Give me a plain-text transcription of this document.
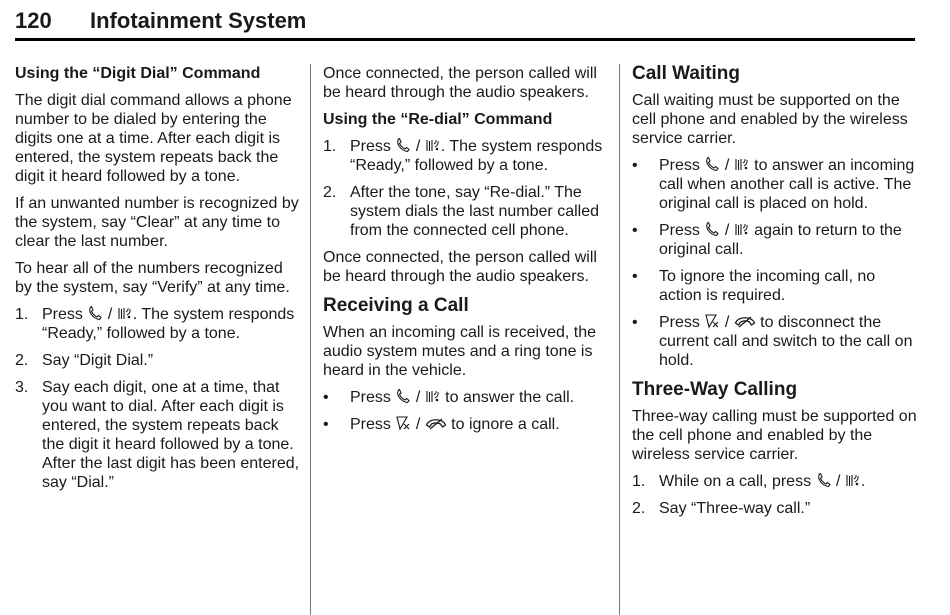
120 Infotainment System
Using the “Digit Dial” Command

The digit dial command allows a phone number to be dialed by entering the digits one at a time. After each digit is entered, the system repeats back the digit it heard followed by a tone.

If an unwanted number is recognized by the system, say “Clear” at any time to clear the last number.

To hear all of the numbers recognized by the system, say “Verify” at any time.

1. Press / . The system responds “Ready,” followed by a tone.
2. Say “Digit Dial.”
3. Say each digit, one at a time, that you want to dial. After each digit is entered, the system repeats back the digit it heard followed by a tone. After the last digit has been entered, say “Dial.”

Once connected, the person called will be heard through the audio speakers.

Using the “Re-dial” Command
1. Press / . The system responds “Ready,” followed by a tone.
2. After the tone, say “Re-dial.” The system dials the last number called from the connected cell phone.

Once connected, the person called will be heard through the audio speakers.

Receiving a Call

When an incoming call is received, the audio system mutes and a ring tone is heard in the vehicle.

• Press / to answer the call.
• Press / to ignore a call.
Call Waiting

Call waiting must be supported on the cell phone and enabled by the wireless service carrier.

• Press / to answer an incoming call when another call is active. The original call is placed on hold.
• Press / again to return to the original call.
• To ignore the incoming call, no action is required.
• Press / to disconnect the current call and switch to the call on hold.
Three-Way Calling

Three-way calling must be supported on the cell phone and enabled by the wireless service carrier.

1. While on a call, press / .
2. Say “Three-way call.”
